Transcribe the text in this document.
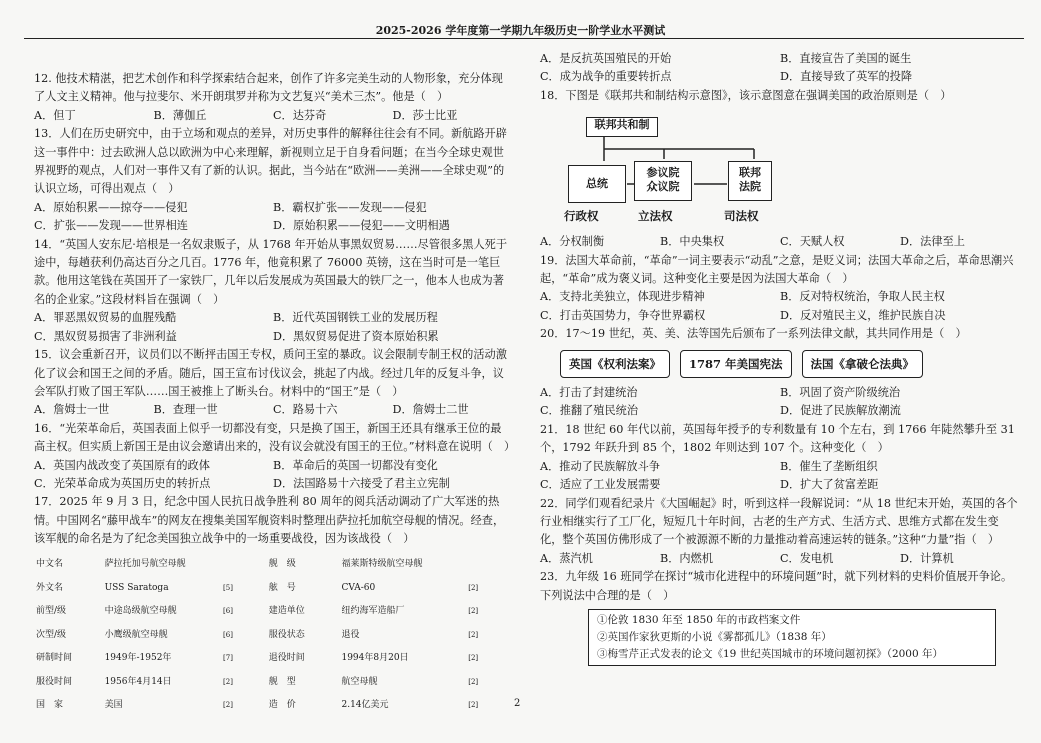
2025-2026 学年度第一学期九年级历史一阶学业水平测试

12. 他技术精湛，把艺术创作和科学探索结合起来，创作了许多完美生动的人物形象，充分体现了人文主义精神。他与拉斐尔、米开朗琪罗并称为文艺复兴“美术三杰”。他是（　）

A．但丁	B．薄伽丘	C．达芬奇	D．莎士比亚

13．人们在历史研究中，由于立场和观点的差异，对历史事件的解释往往会有不同。新航路开辟这一事件中：过去欧洲人总以欧洲为中心来理解，新视则立足于自身看问题；在当今全球史观世界视野的观点，人们对一事件又有了新的认识。据此，当今站在“欧洲——美洲——全球史观”的认识立场，可得出观点（　）

A．原始积累——掠夺——侵犯	B．霸权扩张——发现——侵犯
C．扩张——发现——世界相连	D．原始积累——侵犯——文明相遇

14．“英国人安东尼·培根是一名奴隶贩子，从 1768 年开始从事黑奴贸易……尽管很多黑人死于途中，每趟获利仍高达百分之几百。1776 年，他竟积累了 76000 英镑，这在当时可是一笔巨款。他用这笔钱在英国开了一家铁厂，几年以后发展成为英国最大的铁厂之一，他本人也成为著名的企业家。”这段材料旨在强调（　）

A．罪恶黑奴贸易的血腥残酷	B．近代英国钢铁工业的发展历程
C．黑奴贸易损害了非洲利益	D．黑奴贸易促进了资本原始积累

15．议会重新召开，议员们以不断抨击国王专权，质问王室的暴政。议会限制专制王权的活动激化了议会和国王之间的矛盾。随后，国王宣布讨伐议会，挑起了内战。经过几年的反复斗争，议会军队打败了国王军队……国王被推上了断头台。材料中的“国王”是（　）

A．詹姆士一世	B．查理一世	C．路易十六	D．詹姆士二世

16．“光荣革命后，英国表面上似乎一切都没有变，只是换了国王，新国王还具有继承王位的最高主权。但实质上新国王是由议会邀请出来的，没有议会就没有国王的王位。”材料意在说明（　）

A．英国内战改变了英国原有的政体	B．革命后的英国一切都没有变化
C．光荣革命成为英国历史的转折点	D．法国路易十六接受了君主立宪制

17．2025 年 9 月 3 日，纪念中国人民抗日战争胜利 80 周年的阅兵活动调动了广大军迷的热情。中国网名“藤甲战车”的网友在搜集美国军舰资料时整理出萨拉托加航空母舰的情况。经查，该军舰的命名是为了纪念美国独立战争中的一场重要战役，因为该战役（　）

中文名	萨拉托加号航空母舰		舰　级	福莱斯特级航空母舰	
外文名	USS Saratoga	[5]	舷　号	CVA-60	[2]
前型/级	中途岛级航空母舰	[6]	建造单位	纽约海军造船厂	[2]
次型/级	小鹰级航空母舰	[6]	服役状态	退役	[2]
研制时间	1949年-1952年	[7]	退役时间	1994年8月20日	[2]
服役时间	1956年4月14日	[2]	舰　型	航空母舰	[2]
国　家	美国	[2]	造　价	2.14亿美元	[2]
A．是反抗英国殖民的开始	B．直接宣告了美国的诞生
C．成为战争的重要转折点	D．直接导致了英军的投降

18．下图是《联邦共和制结构示意图》，该示意图意在强调美国的政治原则是（　）

联邦共和制
总统
参议院
众议院
联邦
法院
行政权	立法权	司法权
A．分权制衡	B．中央集权	C．天赋人权	D．法律至上

19．法国大革命前，“革命”一词主要表示“动乱”之意，是贬义词；法国大革命之后，革命思潮兴起，“革命”成为褒义词。这种变化主要是因为法国大革命（　）

A．支持北美独立，体现进步精神	B．反对特权统治，争取人民主权
C．打击英国势力，争夺世界霸权	D．反对殖民主义，维护民族自决

20．17～19 世纪，英、美、法等国先后颁布了一系列法律文献，其共同作用是（　）

英国《权利法案》	1787 年美国宪法	法国《拿破仑法典》
A．打击了封建统治	B．巩固了资产阶级统治
C．推翻了殖民统治	D．促进了民族解放潮流

21．18 世纪 60 年代以前，英国每年授予的专利数量有 10 个左右，到 1766 年陡然攀升至 31 个，1792 年跃升到 85 个，1802 年则达到 107 个。这种变化（　）

A．推动了民族解放斗争	B．催生了垄断组织
C．适应了工业发展需要	D．扩大了贫富差距

22．同学们观看纪录片《大国崛起》时，听到这样一段解说词：“从 18 世纪末开始，英国的各个行业相继实行了工厂化，短短几十年时间，古老的生产方式、生活方式、思维方式都在发生变化，整个英国仿佛形成了一个被源源不断的力量推动着高速运转的链条。”这种“力量”指（　）

A．蒸汽机	B．内燃机	C．发电机	D．计算机

23．九年级 16 班同学在探讨“城市化进程中的环境问题”时，就下列材料的史料价值展开争论。下列说法中合理的是（　）

①伦敦 1830 年至 1850 年的市政档案文件
②英国作家狄更斯的小说《雾都孤儿》（1838 年）
③梅雪芹正式发表的论文《19 世纪英国城市的环境问题初探》（2000 年）
2
